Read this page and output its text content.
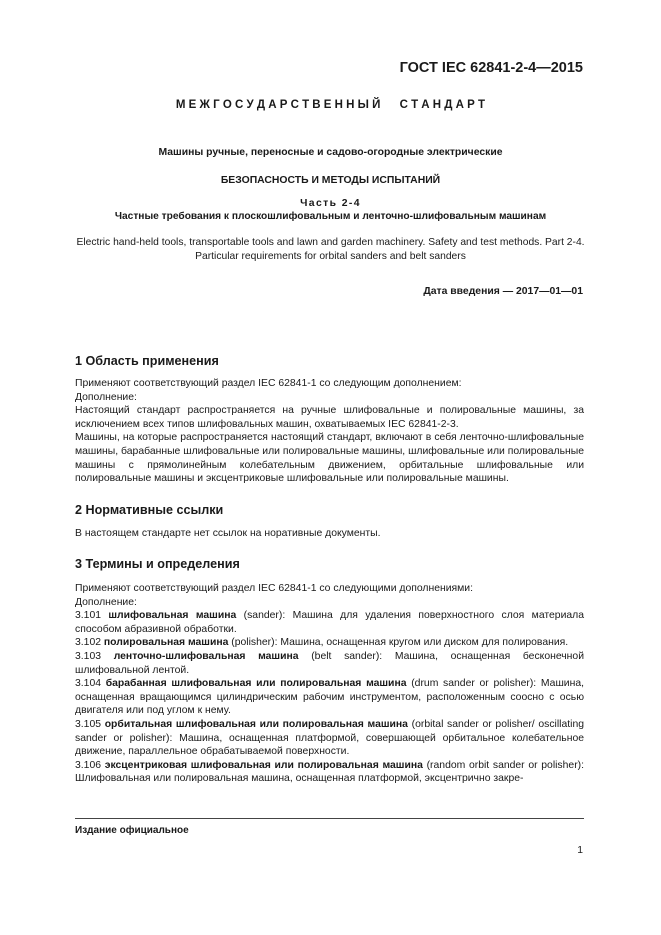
ГОСТ IEC 62841-2-4—2015
М Е Ж Г О С У Д А Р С Т В Е Н Н Ы Й      С Т А Н Д А Р Т
Машины ручные, переносные и садово-огородные электрические
БЕЗОПАСНОСТЬ И МЕТОДЫ ИСПЫТАНИЙ
Часть 2-4
Частные требования к плоскошлифовальным и ленточно-шлифовальным машинам
Electric hand-held tools, transportable tools and lawn and garden machinery. Safety and test methods. Part 2-4. Particular requirements for orbital sanders and belt sanders
Дата введения — 2017—01—01
1 Область применения

Применяют соответствующий раздел IEC 62841-1 со следующим дополнением:

Дополнение:

Настоящий стандарт распространяется на ручные шлифовальные и полировальные машины, за исключением всех типов шлифовальных машин, охватываемых IEC 62841-2-3.

Машины, на которые распространяется настоящий стандарт, включают в себя ленточно-шлифовальные машины, барабанные шлифовальные или полировальные машины, шлифовальные или полировальные машины с прямолинейным колебательным движением, орбитальные шлифовальные или полировальные машины и эксцентриковые шлифовальные или полировальные машины.

2 Нормативные ссылки

В настоящем стандарте нет ссылок на норативные документы.

3 Термины и определения

Применяют соответствующий раздел IEC 62841-1 со следующими дополнениями:

Дополнение:

3.101 шлифовальная машина (sander): Машина для удаления поверхностного слоя материала способом абразивной обработки.

3.102 полировальная машина (polisher): Машина, оснащенная кругом или диском для полирования.

3.103 ленточно-шлифовальная машина (belt sander): Машина, оснащенная бесконечной шлифовальной лентой.

3.104 барабанная шлифовальная или полировальная машина (drum sander or polisher): Машина, оснащенная вращающимся цилиндрическим рабочим инструментом, расположенным соосно с осью двигателя или под углом к нему.

3.105 орбитальная шлифовальная или полировальная машина (orbital sander or polisher/ oscillating sander or polisher): Машина, оснащенная платформой, совершающей орбитальное колебательное движение, параллельное обрабатываемой поверхности.

3.106 эксцентриковая шлифовальная или полировальная машина (random orbit sander or polisher): Шлифовальная или полировальная машина, оснащенная платформой, эксцентрично закре-

Издание официальное
1
